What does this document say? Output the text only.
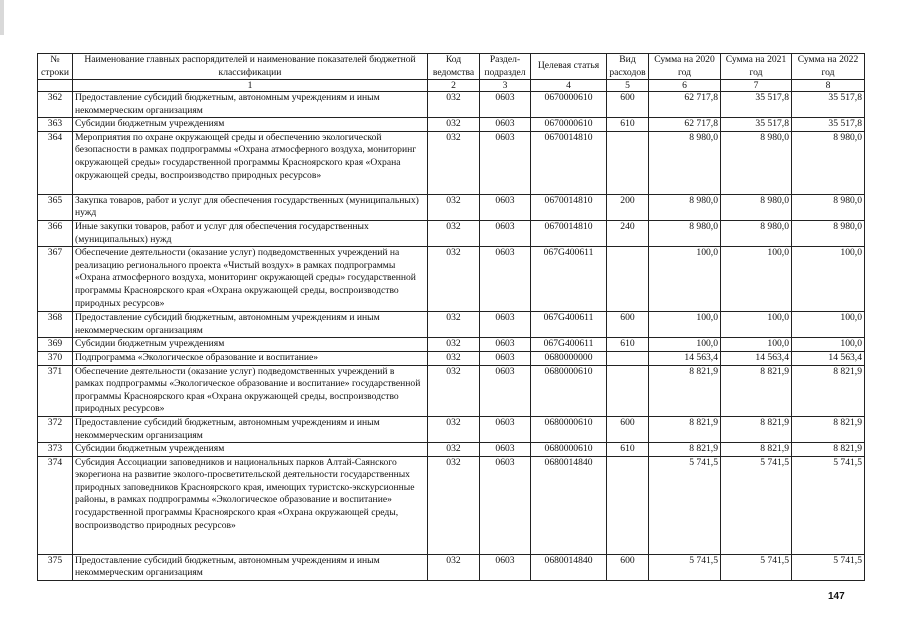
№ строки	Наименование главных распорядителей и наименование показателей бюджетной классификации	Код ведомства	Раздел-подраздел	Целевая статья	Вид расходов	Сумма на 2020 год	Сумма на 2021 год	Сумма на 2022 год
	1	2	3	4	5	6	7	8
362	Предоставление субсидий бюджетным, автономным учреждениям и иным некоммерческим организациям	032	0603	0670000610	600	62 717,8	35 517,8	35 517,8
363	Субсидии бюджетным учреждениям	032	0603	0670000610	610	62 717,8	35 517,8	35 517,8
364	Мероприятия по охране окружающей среды и обеспечению экологической безопасности в рамках подпрограммы «Охрана атмосферного воздуха, мониторинг окружающей среды» государственной программы Красноярского края «Охрана окружающей среды, воспроизводство природных ресурсов»	032	0603	0670014810		8 980,0	8 980,0	8 980,0
365	Закупка товаров, работ и услуг для обеспечения государственных (муниципальных) нужд	032	0603	0670014810	200	8 980,0	8 980,0	8 980,0
366	Иные закупки товаров, работ и услуг для обеспечения государственных (муниципальных) нужд	032	0603	0670014810	240	8 980,0	8 980,0	8 980,0
367	Обеспечение деятельности (оказание услуг) подведомственных учреждений на реализацию регионального проекта «Чистый воздух» в рамках подпрограммы «Охрана атмосферного воздуха, мониторинг окружающей среды» государственной программы Красноярского края «Охрана окружающей среды, воспроизводство природных ресурсов»	032	0603	067G400611		100,0	100,0	100,0
368	Предоставление субсидий бюджетным, автономным учреждениям и иным некоммерческим организациям	032	0603	067G400611	600	100,0	100,0	100,0
369	Субсидии бюджетным учреждениям	032	0603	067G400611	610	100,0	100,0	100,0
370	Подпрограмма «Экологическое образование и воспитание»	032	0603	0680000000		14 563,4	14 563,4	14 563,4
371	Обеспечение деятельности (оказание услуг) подведомственных учреждений в рамках подпрограммы «Экологическое образование и воспитание» государственной программы Красноярского края «Охрана окружающей среды, воспроизводство природных ресурсов»	032	0603	0680000610		8 821,9	8 821,9	8 821,9
372	Предоставление субсидий бюджетным, автономным учреждениям и иным некоммерческим организациям	032	0603	0680000610	600	8 821,9	8 821,9	8 821,9
373	Субсидии бюджетным учреждениям	032	0603	0680000610	610	8 821,9	8 821,9	8 821,9
374	Субсидия Ассоциации заповедников и национальных парков Алтай-Саянского экорегиона на развитие эколого-просветительской деятельности государственных природных заповедников Красноярского края, имеющих туристско-экскурсионные районы, в рамках подпрограммы «Экологическое образование и воспитание» государственной программы Красноярского края «Охрана окружающей среды, воспроизводство природных ресурсов»	032	0603	0680014840		5 741,5	5 741,5	5 741,5
375	Предоставление субсидий бюджетным, автономным учреждениям и иным некоммерческим организациям	032	0603	0680014840	600	5 741,5	5 741,5	5 741,5
147
